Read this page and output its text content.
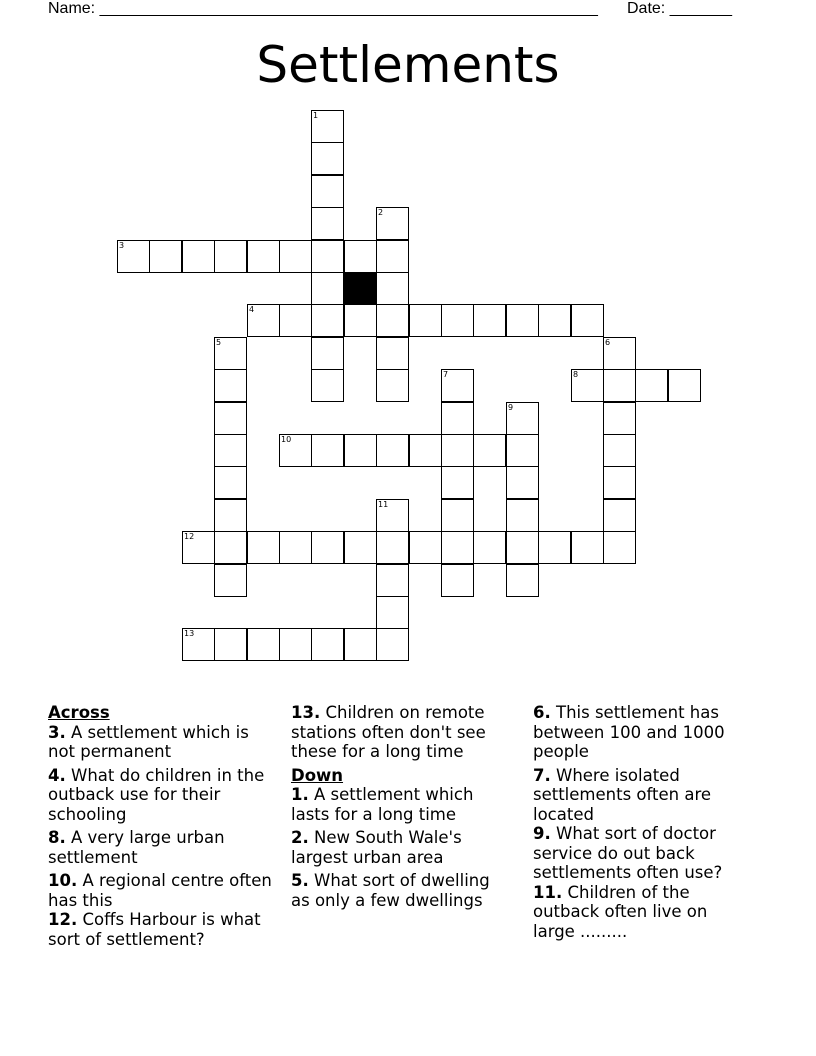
Name: ________________________________________________________ Date: _______
Settlements
1
2
3
4
5	6
7	8
9
10
11
12
13
Across
3. A settlement which is not permanent
4. What do children in the outback use for their schooling
8. A very large urban settlement
10. A regional centre often has this
12. Coffs Harbour is what sort of settlement?
13. Children on remote stations often don't see these for a long time
Down
1. A settlement which lasts for a long time
2. New South Wale's largest urban area
5. What sort of dwelling as only a few dwellings
6. This settlement has between 100 and 1000 people
7. Where isolated settlements often are located
9. What sort of doctor service do out back settlements often use?
11. Children of the outback often live on large .........
